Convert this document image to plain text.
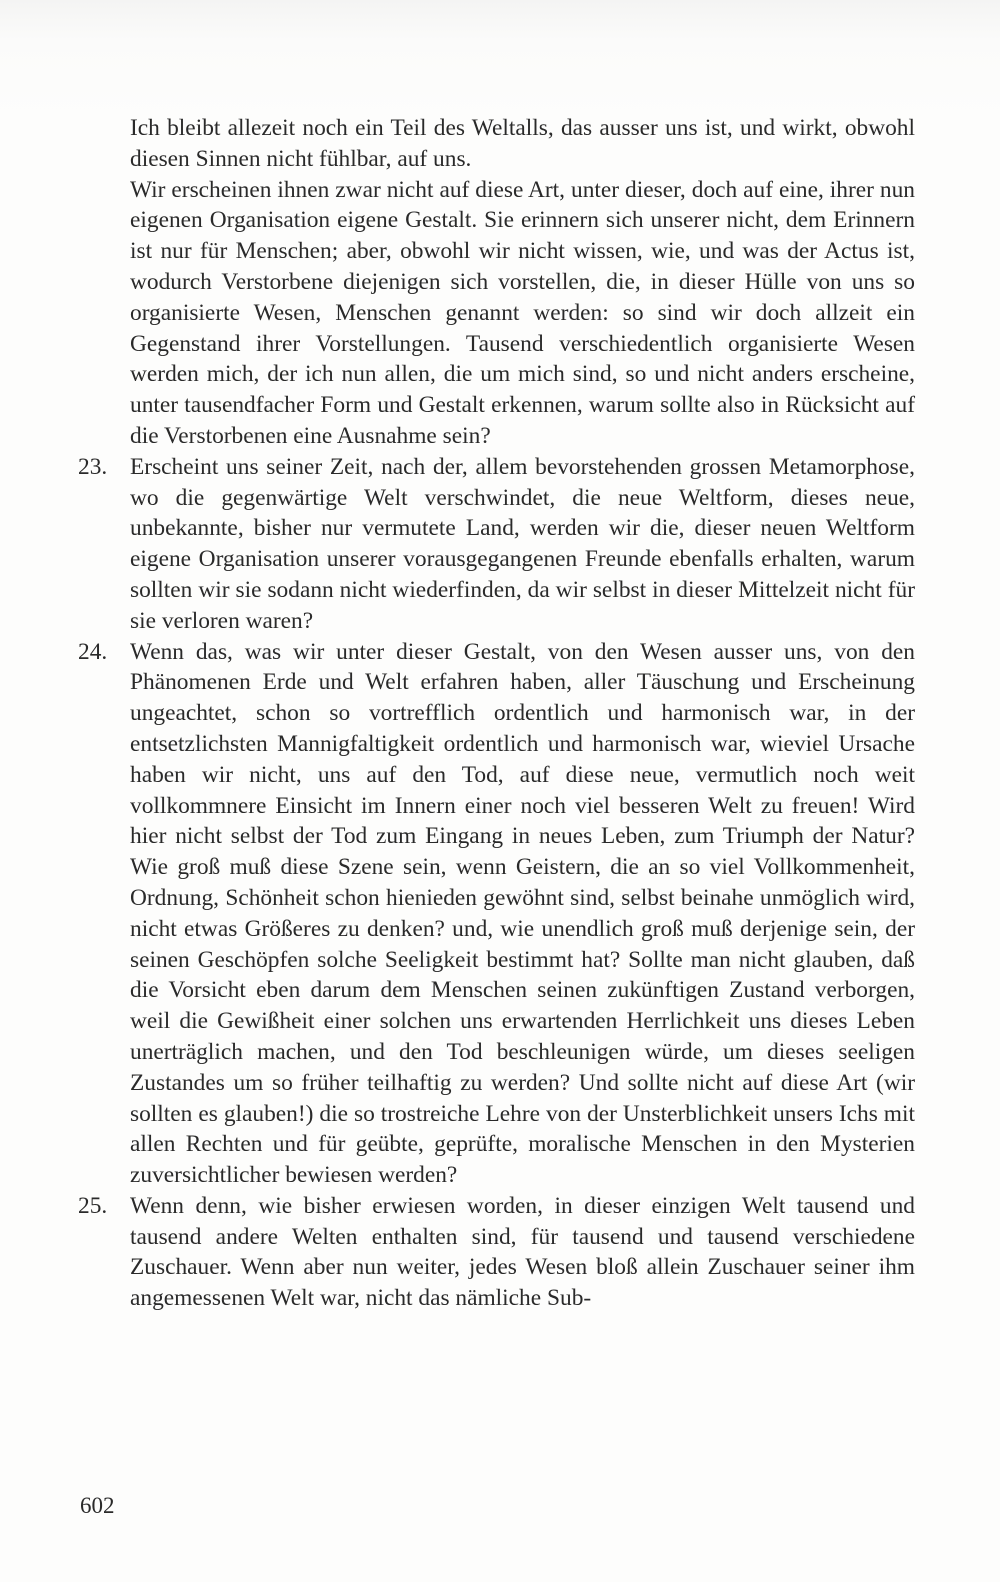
Ich bleibt allezeit noch ein Teil des Weltalls, das ausser uns ist, und wirkt, obwohl diesen Sinnen nicht fühlbar, auf uns.

Wir erscheinen ihnen zwar nicht auf diese Art, unter dieser, doch auf eine, ihrer nun eigenen Organisation eigene Gestalt. Sie erinnern sich unserer nicht, dem Erinnern ist nur für Menschen; aber, obwohl wir nicht wissen, wie, und was der Actus ist, wodurch Verstorbene diejenigen sich vorstellen, die, in dieser Hülle von uns so organisierte Wesen, Menschen genannt werden: so sind wir doch allzeit ein Gegenstand ihrer Vorstellungen. Tausend verschiedentlich organisierte Wesen werden mich, der ich nun allen, die um mich sind, so und nicht anders erscheine, unter tausendfacher Form und Gestalt erkennen, warum sollte also in Rücksicht auf die Verstorbenen eine Ausnahme sein?

23. Erscheint uns seiner Zeit, nach der, allem bevorstehenden grossen Metamorphose, wo die gegenwärtige Welt verschwindet, die neue Weltform, dieses neue, unbekannte, bisher nur vermutete Land, werden wir die, dieser neuen Weltform eigene Organisation unserer vorausgegangenen Freunde ebenfalls erhalten, warum sollten wir sie sodann nicht wiederfinden, da wir selbst in dieser Mittelzeit nicht für sie verloren waren?

24. Wenn das, was wir unter dieser Gestalt, von den Wesen ausser uns, von den Phänomenen Erde und Welt erfahren haben, aller Täuschung und Erscheinung ungeachtet, schon so vortrefflich ordentlich und harmonisch war, in der entsetzlichsten Mannigfaltigkeit ordentlich und harmonisch war, wieviel Ursache haben wir nicht, uns auf den Tod, auf diese neue, vermutlich noch weit vollkommnere Einsicht im Innern einer noch viel besseren Welt zu freuen! Wird hier nicht selbst der Tod zum Eingang in neues Leben, zum Triumph der Natur? Wie groß muß diese Szene sein, wenn Geistern, die an so viel Vollkommenheit, Ordnung, Schönheit schon hienieden gewöhnt sind, selbst beinahe unmöglich wird, nicht etwas Größeres zu denken? und, wie unendlich groß muß derjenige sein, der seinen Geschöpfen solche Seeligkeit bestimmt hat? Sollte man nicht glauben, daß die Vorsicht eben darum dem Menschen seinen zukünftigen Zustand verborgen, weil die Gewißheit einer solchen uns erwartenden Herrlichkeit uns dieses Leben unerträglich machen, und den Tod beschleunigen würde, um dieses seeligen Zustandes um so früher teilhaftig zu werden? Und sollte nicht auf diese Art (wir sollten es glauben!) die so trostreiche Lehre von der Unsterblichkeit unsers Ichs mit allen Rechten und für geübte, geprüfte, moralische Menschen in den Mysterien zuversichtlicher bewiesen werden?

25. Wenn denn, wie bisher erwiesen worden, in dieser einzigen Welt tausend und tausend andere Welten enthalten sind, für tausend und tausend verschiedene Zuschauer. Wenn aber nun weiter, jedes Wesen bloß allein Zuschauer seiner ihm angemessenen Welt war, nicht das nämliche Sub-

602
